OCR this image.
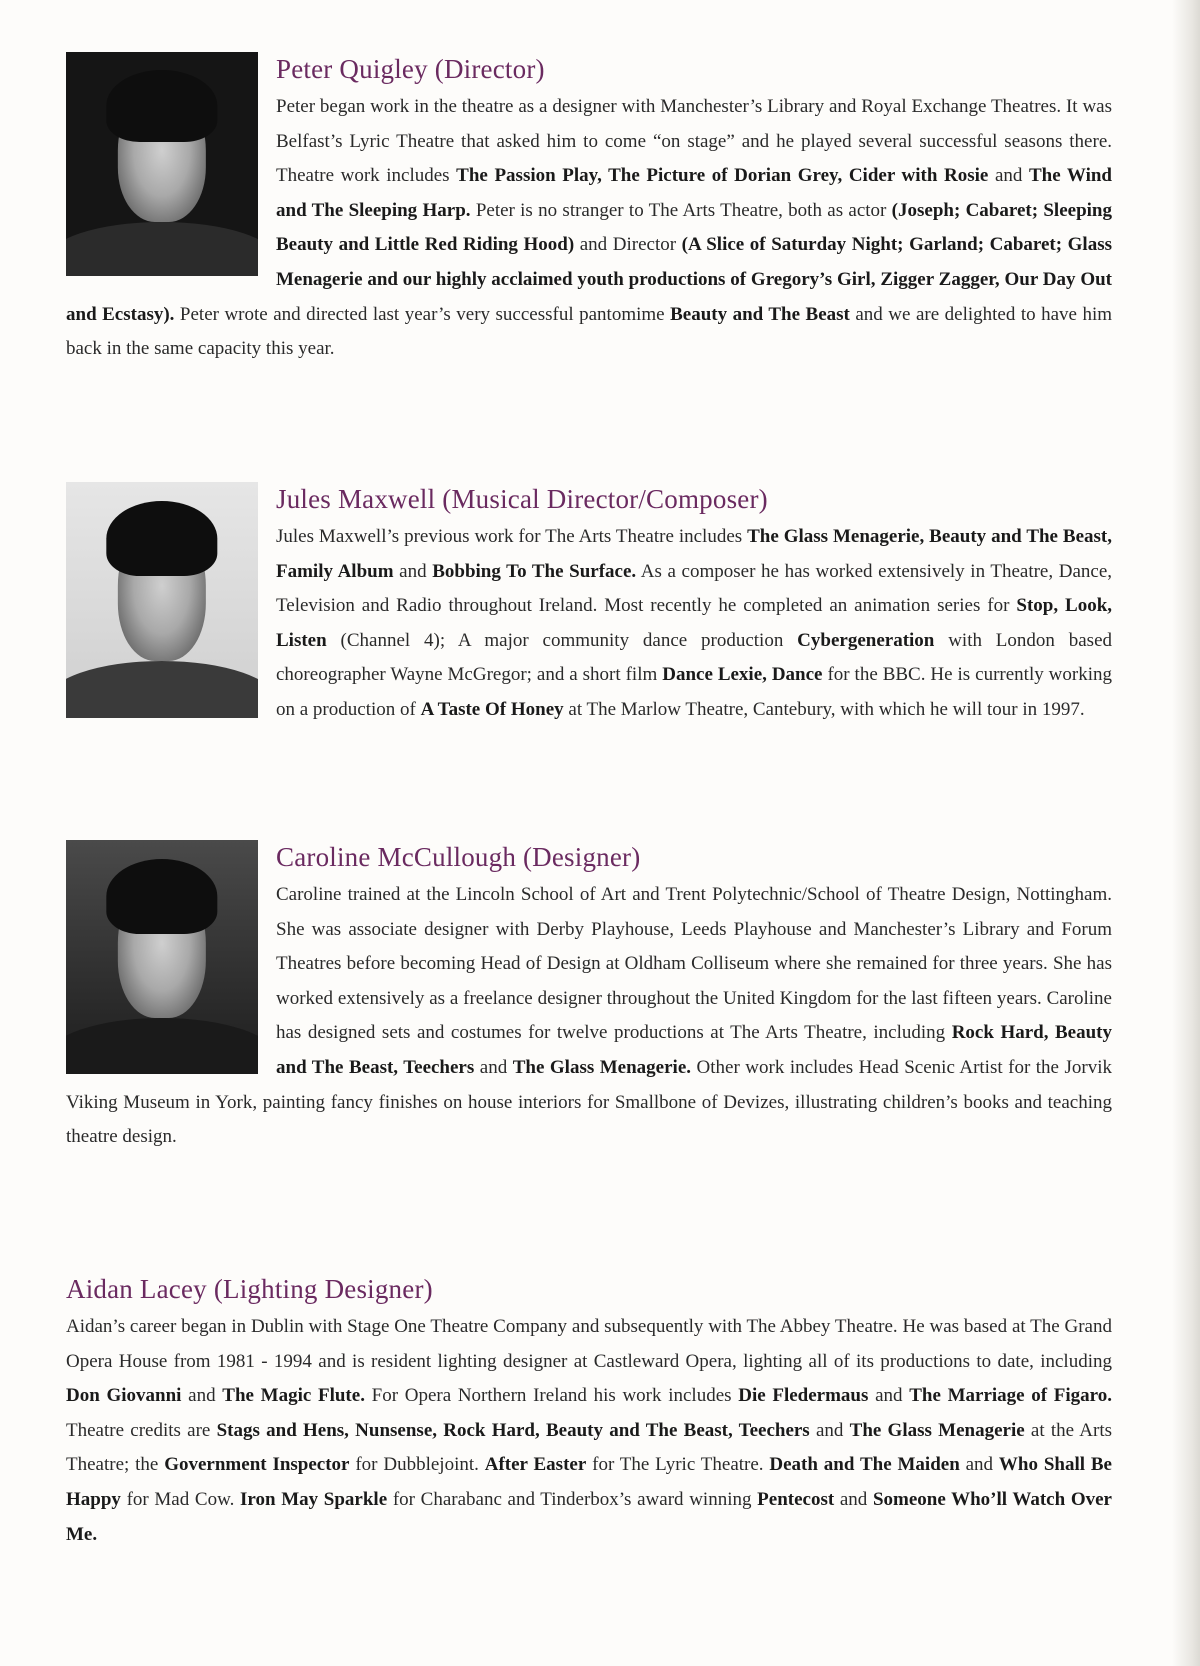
Peter Quigley (Director)

Peter began work in the theatre as a designer with Manchester’s Library and Royal Exchange Theatres. It was Belfast’s Lyric Theatre that asked him to come “on stage” and he played several successful seasons there. Theatre work includes The Passion Play, The Picture of Dorian Grey, Cider with Rosie and The Wind and The Sleeping Harp. Peter is no stranger to The Arts Theatre, both as actor (Joseph; Cabaret; Sleeping Beauty and Little Red Riding Hood) and Director (A Slice of Saturday Night; Garland; Cabaret; Glass Menagerie and our highly acclaimed youth productions of Gregory’s Girl, Zigger Zagger, Our Day Out and Ecstasy). Peter wrote and directed last year’s very successful pantomime Beauty and The Beast and we are delighted to have him back in the same capacity this year.

Jules Maxwell (Musical Director/Composer)

Jules Maxwell’s previous work for The Arts Theatre includes The Glass Menagerie, Beauty and The Beast, Family Album and Bobbing To The Surface. As a composer he has worked extensively in Theatre, Dance, Television and Radio throughout Ireland. Most recently he completed an animation series for Stop, Look, Listen (Channel 4); A major community dance production Cybergeneration with London based choreographer Wayne McGregor; and a short film Dance Lexie, Dance for the BBC. He is currently working on a production of A Taste Of Honey at The Marlow Theatre, Cantebury, with which he will tour in 1997.

Caroline McCullough (Designer)

Caroline trained at the Lincoln School of Art and Trent Polytechnic/School of Theatre Design, Nottingham. She was associate designer with Derby Playhouse, Leeds Playhouse and Manchester’s Library and Forum Theatres before becoming Head of Design at Oldham Colliseum where she remained for three years. She has worked extensively as a freelance designer throughout the United Kingdom for the last fifteen years. Caroline has designed sets and costumes for twelve productions at The Arts Theatre, including Rock Hard, Beauty and The Beast, Teechers and The Glass Menagerie. Other work includes Head Scenic Artist for the Jorvik Viking Museum in York, painting fancy finishes on house interiors for Smallbone of Devizes, illustrating children’s books and teaching theatre design.

Aidan Lacey (Lighting Designer)

Aidan’s career began in Dublin with Stage One Theatre Company and subsequently with The Abbey Theatre. He was based at The Grand Opera House from 1981 - 1994 and is resident lighting designer at Castleward Opera, lighting all of its productions to date, including Don Giovanni and The Magic Flute. For Opera Northern Ireland his work includes Die Fledermaus and The Marriage of Figaro. Theatre credits are Stags and Hens, Nunsense, Rock Hard, Beauty and The Beast, Teechers and The Glass Menagerie at the Arts Theatre; the Government Inspector for Dubblejoint. After Easter for The Lyric Theatre. Death and The Maiden and Who Shall Be Happy for Mad Cow. Iron May Sparkle for Charabanc and Tinderbox’s award winning Pentecost and Someone Who’ll Watch Over Me.
